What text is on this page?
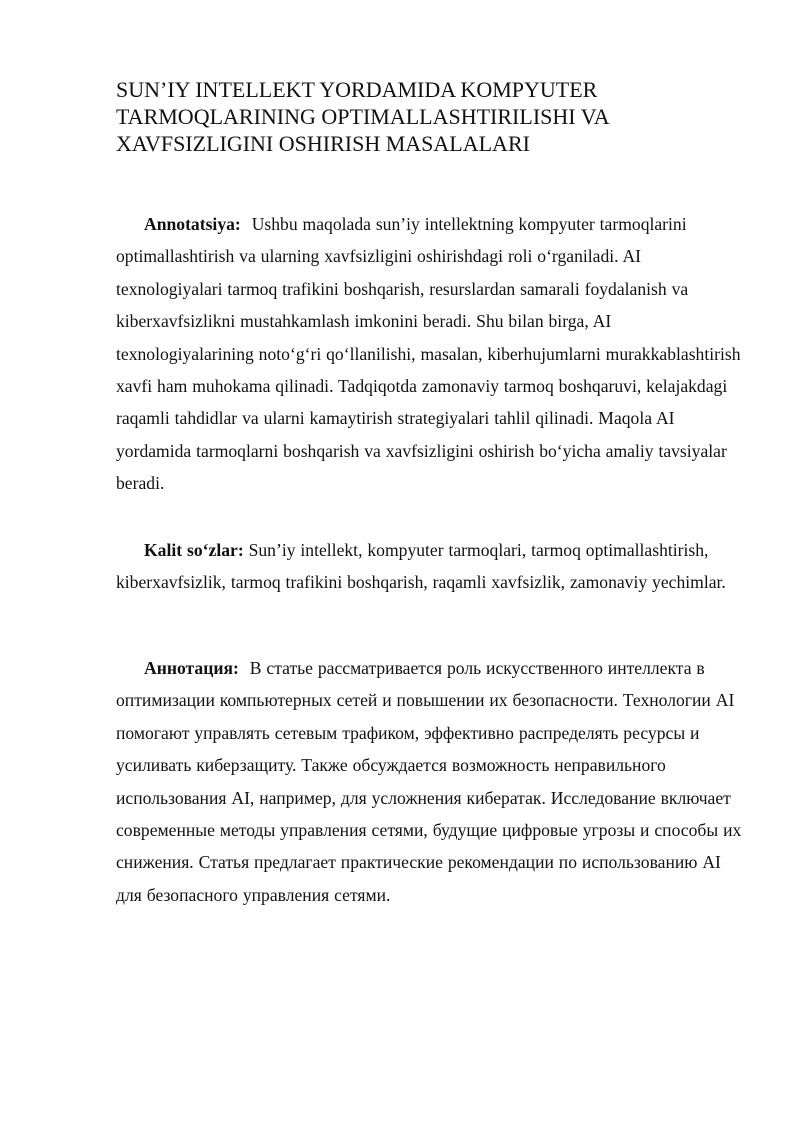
SUN’IY INTELLEKT YORDAMIDA KOMPYUTER TARMOQLARINING OPTIMALLASHTIRILISHI VA XAVFSIZLIGINI OSHIRISH MASALALARI

Annotatsiya: Ushbu maqolada sun’iy intellektning kompyuter tarmoqlarini optimallashtirish va ularning xavfsizligini oshirishdagi roli o‘rganiladi. AI texnologiyalari tarmoq trafikini boshqarish, resurslardan samarali foydalanish va kiberxavfsizlikni mustahkamlash imkonini beradi. Shu bilan birga, AI texnologiyalarining noto‘g‘ri qo‘llanilishi, masalan, kiberhujumlarni murakkablashtirish xavfi ham muhokama qilinadi. Tadqiqotda zamonaviy tarmoq boshqaruvi, kelajakdagi raqamli tahdidlar va ularni kamaytirish strategiyalari tahlil qilinadi. Maqola AI yordamida tarmoqlarni boshqarish va xavfsizligini oshirish bo‘yicha amaliy tavsiyalar beradi.

Kalit so‘zlar: Sun’iy intellekt, kompyuter tarmoqlari, tarmoq optimallashtirish, kiberxavfsizlik, tarmoq trafikini boshqarish, raqamli xavfsizlik, zamonaviy yechimlar.

Аннотация: В статье рассматривается роль искусственного интеллекта в оптимизации компьютерных сетей и повышении их безопасности. Технологии AI помогают управлять сетевым трафиком, эффективно распределять ресурсы и усиливать киберзащиту. Также обсуждается возможность неправильного использования AI, например, для усложнения кибератак. Исследование включает современные методы управления сетями, будущие цифровые угрозы и способы их снижения. Статья предлагает практические рекомендации по использованию AI для безопасного управления сетями.
